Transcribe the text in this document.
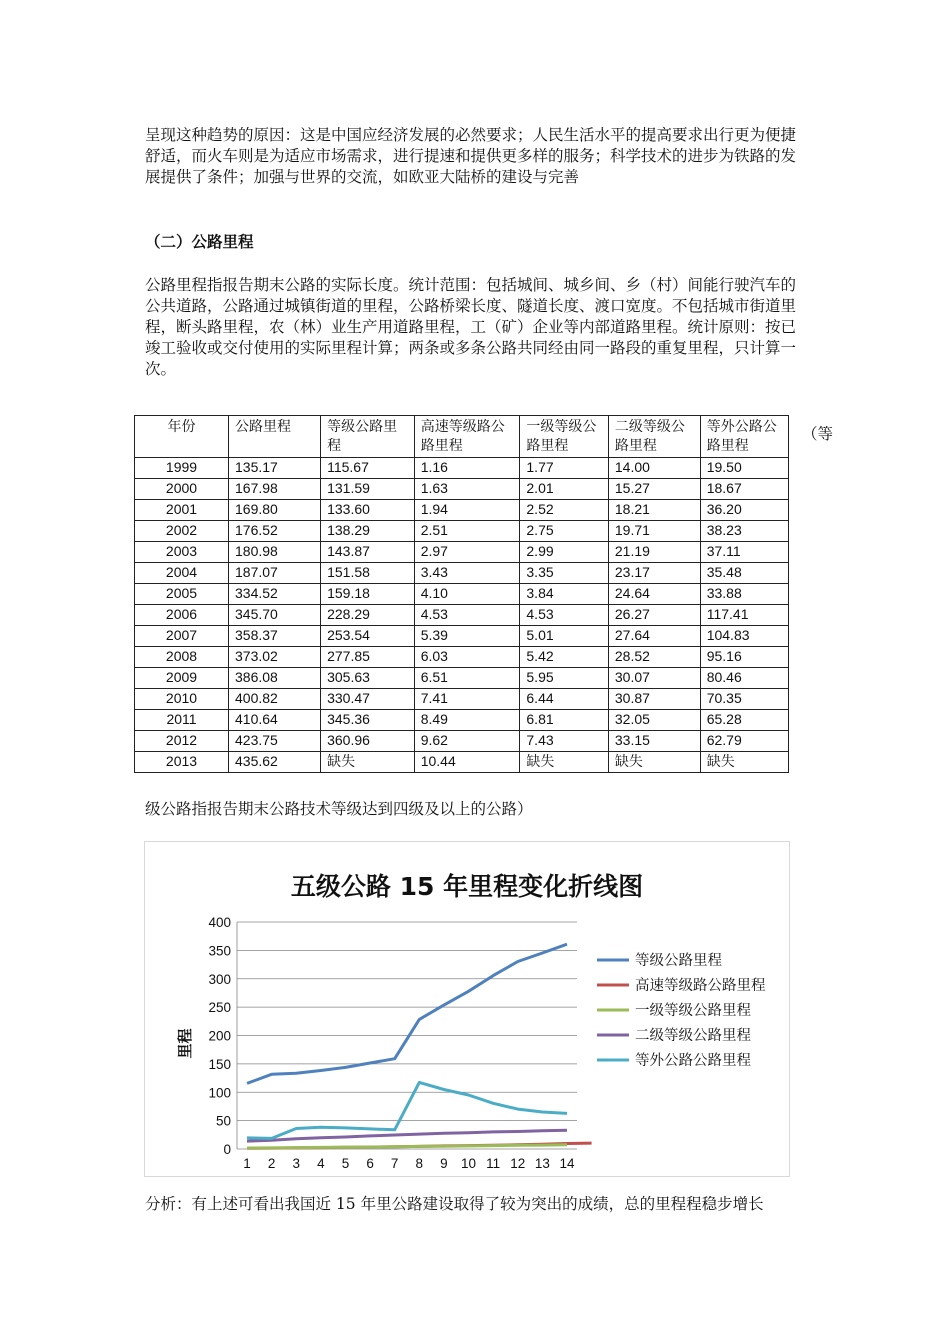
呈现这种趋势的原因：这是中国应经济发展的必然要求；人民生活水平的提高要求出行更为便捷舒适，而火车则是为适应市场需求，进行提速和提供更多样的服务；科学技术的进步为铁路的发展提供了条件；加强与世界的交流，如欧亚大陆桥的建设与完善
（二）公路里程
公路里程指报告期末公路的实际长度。统计范围：包括城间、城乡间、乡（村）间能行驶汽车的公共道路，公路通过城镇街道的里程，公路桥梁长度、隧道长度、渡口宽度。不包括城市街道里程，断头路里程，农（林）业生产用道路里程，工（矿）企业等内部道路里程。统计原则：按已竣工验收或交付使用的实际里程计算；两条或多条公路共同经由同一路段的重复里程，只计算一次。
年份	公路里程	等级公路里程	高速等级路公路里程	一级等级公路里程	二级等级公路里程	等外公路公路里程
1999	135.17	115.67	1.16	1.77	14.00	19.50
2000	167.98	131.59	1.63	2.01	15.27	18.67
2001	169.80	133.60	1.94	2.52	18.21	36.20
2002	176.52	138.29	2.51	2.75	19.71	38.23
2003	180.98	143.87	2.97	2.99	21.19	37.11
2004	187.07	151.58	3.43	3.35	23.17	35.48
2005	334.52	159.18	4.10	3.84	24.64	33.88
2006	345.70	228.29	4.53	4.53	26.27	117.41
2007	358.37	253.54	5.39	5.01	27.64	104.83
2008	373.02	277.85	6.03	5.42	28.52	95.16
2009	386.08	305.63	6.51	5.95	30.07	80.46
2010	400.82	330.47	7.41	6.44	30.87	70.35
2011	410.64	345.36	8.49	6.81	32.05	65.28
2012	423.75	360.96	9.62	7.43	33.15	62.79
2013	435.62	缺失	10.44	缺失	缺失	缺失
（等
级公路指报告期末公路技术等级达到四级及以上的公路）
五级公路 15 年里程变化折线图
0
50
100
150
200
250
300
350
400
1 2 3 4 5 6 7 8 9 10 11 12 13 14
里程
等级公路里程
高速等级路公路里程
一级等级公路里程
二级等级公路里程
等外公路公路里程
分析：有上述可看出我国近 15 年里公路建设取得了较为突出的成绩，总的里程程稳步增长
